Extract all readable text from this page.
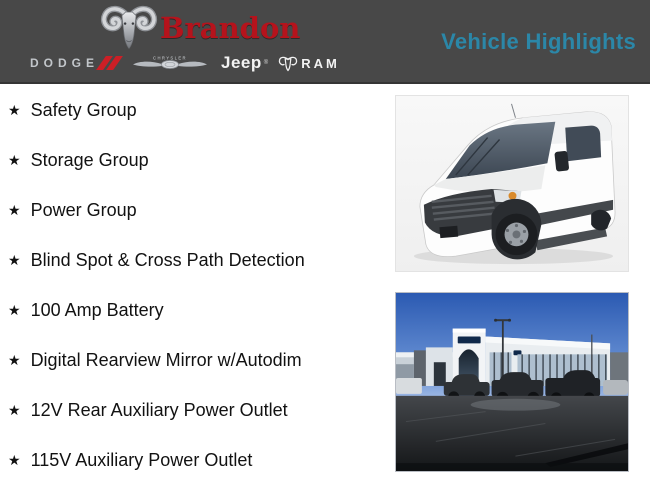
Brandon
DODGE	CHRYSLER Jeep ®	RAM
Vehicle Highlights
★ Safety Group
★ Storage Group
★ Power Group
★ Blind Spot & Cross Path Detection
★ 100 Amp Battery
★ Digital Rearview Mirror w/Autodim
★ 12V Rear Auxiliary Power Outlet
★ 115V Auxiliary Power Outlet
